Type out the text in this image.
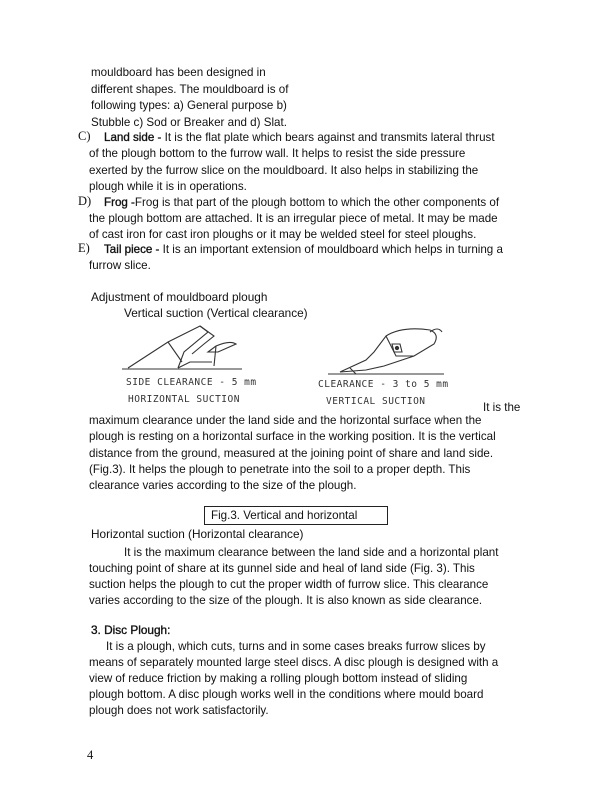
mouldboard has been designed in
different shapes. The mouldboard is of
following types: a) General purpose b)
Stubble c) Sod or Breaker and d) Slat.
C) Land side - It is the flat plate which bears against and transmits lateral thrust
of the plough bottom to the furrow wall. It helps to resist the side pressure
exerted by the furrow slice on the mouldboard. It also helps in stabilizing the
plough while it is in operations.
D) Frog -Frog is that part of the plough bottom to which the other components of
the plough bottom are attached. It is an irregular piece of metal. It may be made
of cast iron for cast iron ploughs or it may be welded steel for steel ploughs.
E) Tail piece - It is an important extension of mouldboard which helps in turning a
furrow slice.
Adjustment of mouldboard plough
Vertical suction (Vertical clearance)
SIDE CLEARANCE - 5 mm
HORIZONTAL SUCTION
CLEARANCE - 3 to 5 mm
VERTICAL SUCTION	It is the
maximum clearance under the land side and the horizontal surface when the
plough is resting on a horizontal surface in the working position. It is the vertical
distance from the ground, measured at the joining point of share and land side.
(Fig.3). It helps the plough to penetrate into the soil to a proper depth. This
clearance varies according to the size of the plough.
Fig.3. Vertical and horizontal
Horizontal suction (Horizontal clearance)
It is the maximum clearance between the land side and a horizontal plant
touching point of share at its gunnel side and heal of land side (Fig. 3). This
suction helps the plough to cut the proper width of furrow slice. This clearance
varies according to the size of the plough. It is also known as side clearance.
3. Disc Plough:
It is a plough, which cuts, turns and in some cases breaks furrow slices by
means of separately mounted large steel discs. A disc plough is designed with a
view of reduce friction by making a rolling plough bottom instead of sliding
plough bottom. A disc plough works well in the conditions where mould board
plough does not work satisfactorily.
4
